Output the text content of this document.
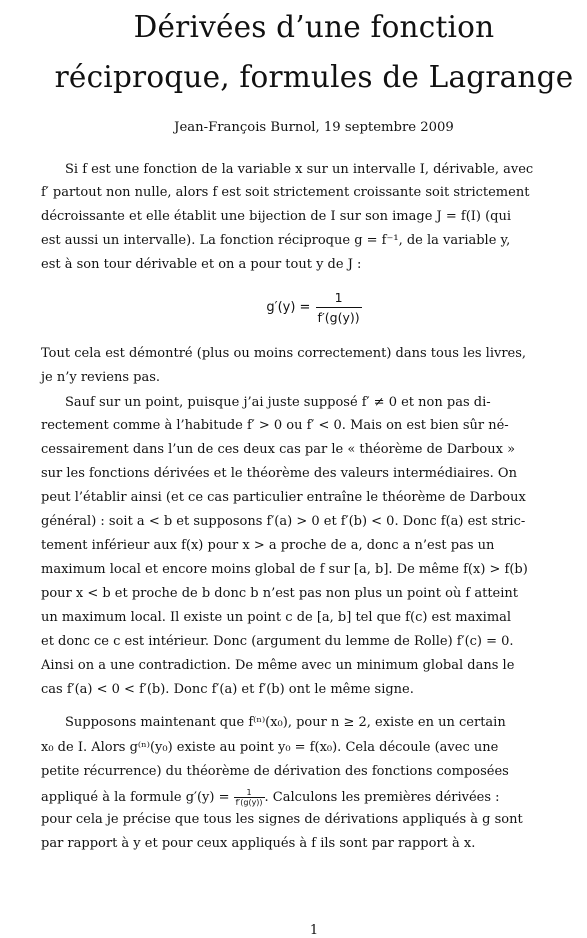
Dérivées d’une fonction
réciproque, formules de Lagrange
Jean-François Burnol, 19 septembre 2009
Si f est une fonction de la variable x sur un intervalle I, dérivable, avec
f′ partout non nulle, alors f est soit strictement croissante soit strictement
décroissante et elle établit une bijection de I sur son image J = f(I) (qui
est aussi un intervalle). La fonction réciproque g = f⁻¹, de la variable y,
est à son tour dérivable et on a pour tout y de J :
$g'(y) = \frac{1}{f'(g(y))}$
Tout cela est démontré (plus ou moins correctement) dans tous les livres,
je n’y reviens pas.
Sauf sur un point, puisque j’ai juste supposé f′ ≠ 0 et non pas di-
rectement comme à l’habitude f′ > 0 ou f′ < 0. Mais on est bien sûr né-
cessairement dans l’un de ces deux cas par le « théorème de Darboux »
sur les fonctions dérivées et le théorème des valeurs intermédiaires. On
peut l’établir ainsi (et ce cas particulier entraîne le théorème de Darboux
général) : soit a < b et supposons f′(a) > 0 et f′(b) < 0. Donc f(a) est stric-
tement inférieur aux f(x) pour x > a proche de a, donc a n’est pas un
maximum local et encore moins global de f sur [a, b]. De même f(x) > f(b)
pour x < b et proche de b donc b n’est pas non plus un point où f atteint
un maximum local. Il existe un point c de [a, b] tel que f(c) est maximal
et donc ce c est intérieur. Donc (argument du lemme de Rolle) f′(c) = 0.
Ainsi on a une contradiction. De même avec un minimum global dans le
cas f′(a) < 0 < f′(b). Donc f′(a) et f′(b) ont le même signe.
Supposons maintenant que f⁽ⁿ⁾(x₀), pour n ≥ 2, existe en un certain
x₀ de I. Alors g⁽ⁿ⁾(y₀) existe au point y₀ = f(x₀). Cela découle (avec une
petite récurrence) du théorème de dérivation des fonctions composées
appliqué à la formule $g'(y) = \frac{1}{f'(g(y))}$ . Calculons les premières dérivées :
pour cela je précise que tous les signes de dérivations appliqués à g sont
par rapport à y et pour ceux appliqués à f ils sont par rapport à x.
1
